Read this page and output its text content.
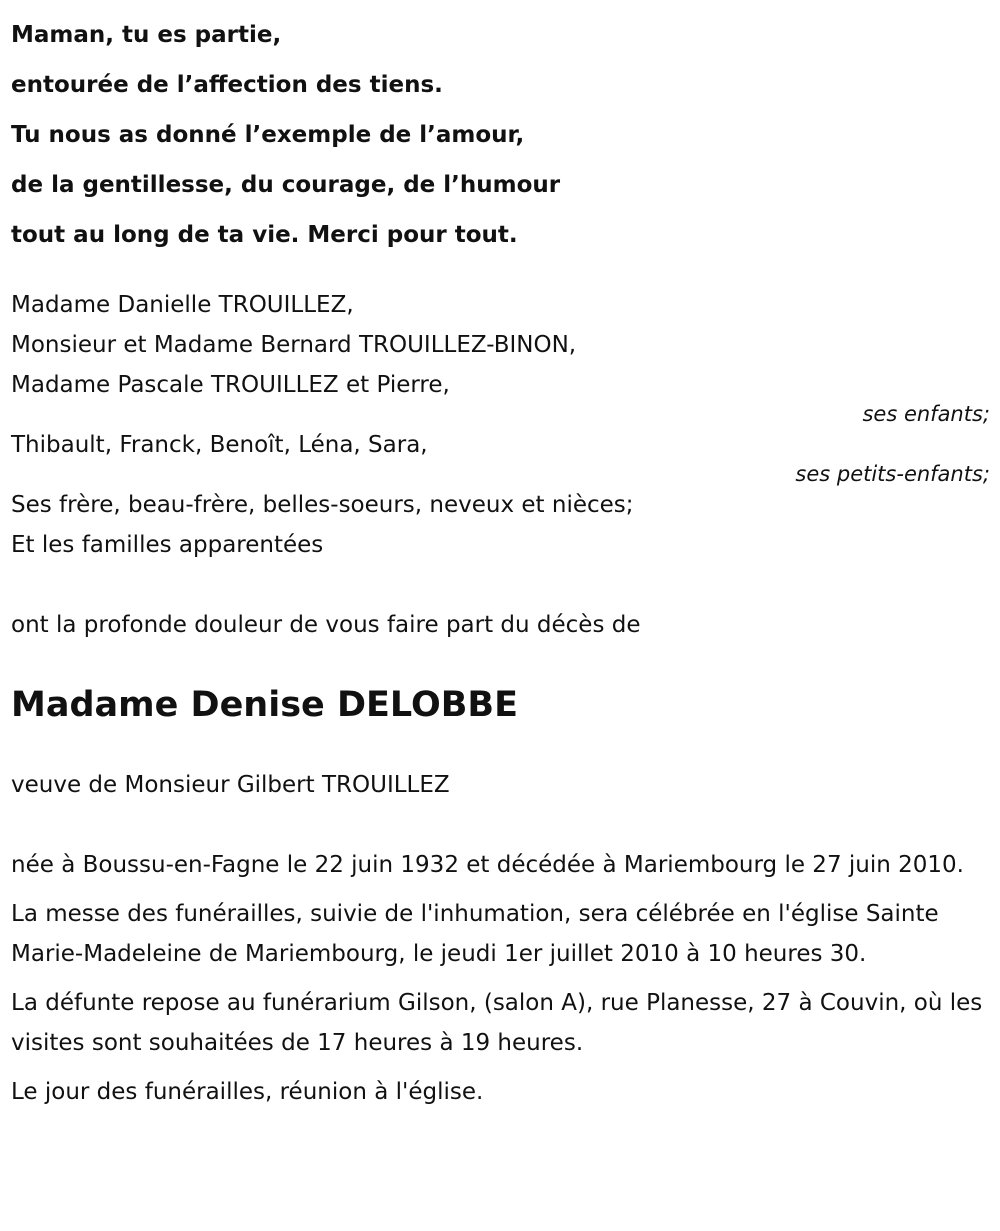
Maman, tu es partie,

entourée de l’affection des tiens.

Tu nous as donné l’exemple de l’amour,

de la gentillesse, du courage, de l’humour

tout au long de ta vie. Merci pour tout.

Madame Danielle TROUILLEZ,
Monsieur et Madame Bernard TROUILLEZ-BINON,
Madame Pascale TROUILLEZ et Pierre,
ses enfants;
Thibault, Franck, Benoît, Léna, Sara,
ses petits-enfants;
Ses frère, beau-frère, belles-soeurs, neveux et nièces;
Et les familles apparentées
ont la profonde douleur de vous faire part du décès de
Madame Denise DELOBBE
veuve de Monsieur Gilbert TROUILLEZ

née à Boussu-en-Fagne le 22 juin 1932 et décédée à Mariembourg le 27 juin 2010.

La messe des funérailles, suivie de l'inhumation, sera célébrée en l'église Sainte Marie-Madeleine de Mariembourg, le jeudi 1er juillet 2010 à 10 heures 30.

La défunte repose au funérarium Gilson, (salon A), rue Planesse, 27 à Couvin, où les visites sont souhaitées de 17 heures à 19 heures.

Le jour des funérailles, réunion à l'église.
